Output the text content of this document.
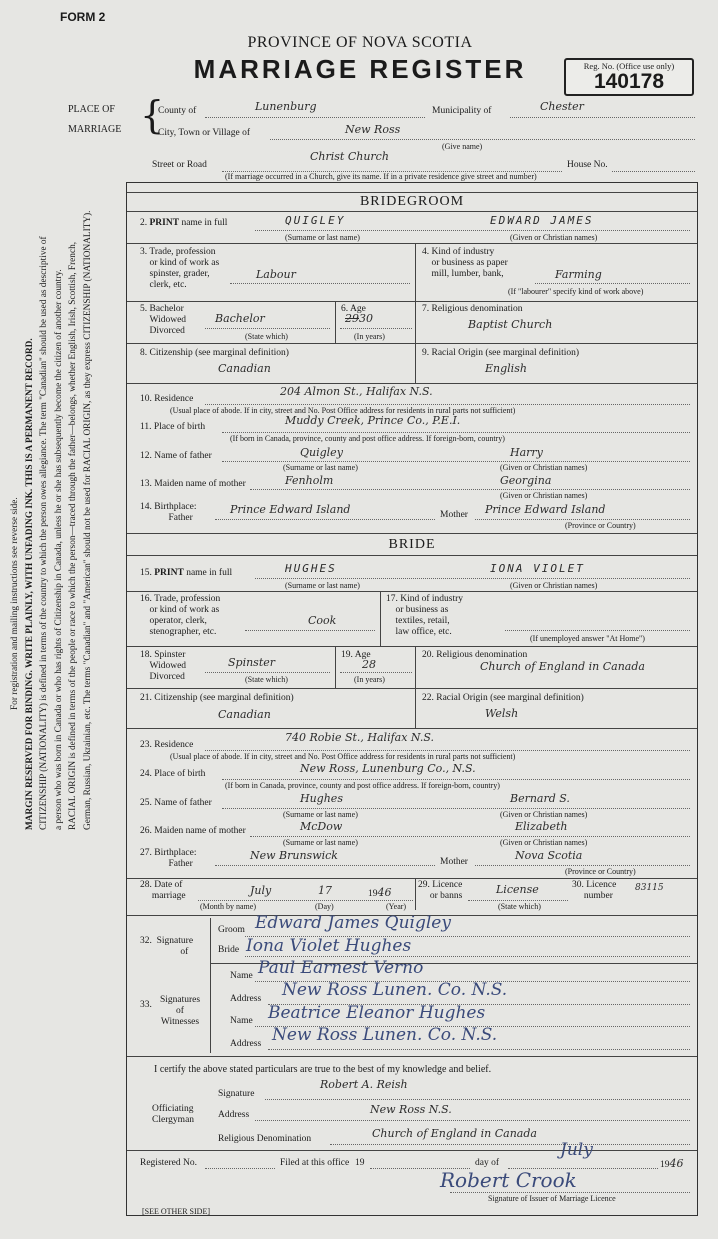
FORM 2
PROVINCE OF NOVA SCOTIA
MARRIAGE REGISTER	Reg. No. (Office use only)
140178
PLACE OF
MARRIAGE {
County of	Lunenburg	Municipality of	Chester
City, Town or Village of	New Ross
(Give name)
Street or Road
Christ Church
House No.
(If marriage occurred in a Church, give its name. If in a private residence give street and number)
For registration and mailing instructions see reverse side. MARGIN RESERVED FOR BINDING. WRITE PLAINLY, WITH UNFADING INK. THIS IS A PERMANENT RECORD. CITIZENSHIP (NATIONALITY) is defined in terms of the country to which the person owes allegiance. The term "Canadian" should be used as descriptive of a person who was born in Canada or who has rights of Citizenship in Canada, unless he or she has subsequently become the citizen of another country. RACIAL ORIGIN is defined in terms of the people or race to which the person—traced through the father—belongs, whether English, Irish, Scottish, French, German, Russian, Ukrainian, etc. The terms "Canadian" and "American" should not be used for RACIAL ORIGIN, as they express CITIZENSHIP (NATIONALITY).
BRIDEGROOM
2. PRINT name in full	QUIGLEY	EDWARD JAMES
(Surname or last name)	(Given or Christian names)
3. Trade, profession
or kind of work as
spinster, grader,
clerk, etc.
Labour
4. Kind of industry
or business as paper
mill, lumber, bank,	Farming
(If "labourer" specify kind of work above)
5. Bachelor
Widowed
Divorced
Bachelor
(State which)
6. Age
2930
(In years)
7. Religious denomination
Baptist Church
8. Citizenship (see marginal definition)
Canadian
9. Racial Origin (see marginal definition)
English
10. Residence
204 Almon St., Halifax N.S.
(Usual place of abode. If in city, street and No. Post Office address for residents in rural parts not sufficient)
11. Place of birth	Muddy Creek, Prince Co., P.E.I.
(If born in Canada, province, county and post office address. If foreign-born, country)
12. Name of father	Quigley	Harry
(Surname or last name)	(Given or Christian names)
13. Maiden name of mother	Fenholm	Georgina
(Given or Christian names)
14. Birthplace:
Father
Prince Edward Island	Mother Prince Edward Island
(Province or Country)
BRIDE
15. PRINT name in full	HUGHES	IONA VIOLET
(Surname or last name)	(Given or Christian names)
16. Trade, profession
or kind of work as
operator, clerk,
stenographer, etc.
Cook
17. Kind of industry
or business as
textiles, retail,
law office, etc.
(If unemployed answer "At Home")
18. Spinster
Widowed
Divorced
Spinster
(State which)
19. Age
28
(In years)
20. Religious denomination
Church of England in Canada
21. Citizenship (see marginal definition)
Canadian
22. Racial Origin (see marginal definition)
Welsh
23. Residence
740 Robie St., Halifax N.S.
(Usual place of abode. If in city, street and No. Post Office address for residents in rural parts not sufficient)
24. Place of birth	New Ross, Lunenburg Co., N.S.
(If born in Canada, province, county and post office address. If foreign-born, country)
25. Name of father	Hughes	Bernard S.
(Surname or last name)	(Given or Christian names)
26. Maiden name of mother	McDow	Elizabeth
(Surname or last name)	(Given or Christian names)
27. Birthplace:
Father
New Brunswick	Mother	Nova Scotia
(Province or Country)
28. Date of
marriage	July	17	1946
(Month by name)	(Day)	(Year)
29. Licence
or banns	License
(State which)
30. Licence
number
83115
32. Signature
of
Groom Edward James Quigley
Bride Iona Violet Hughes
33. Signatures
of
Witnesses
Name Paul Earnest Verno
Address New Ross Lunen. Co. N.S.
Name Beatrice Eleanor Hughes
Address New Ross Lunen. Co. N.S.
I certify the above stated particulars are true to the best of my knowledge and belief.
Signature
Robert A. Reish
Officiating
Clergyman	Address	New Ross N.S.
Religious Denomination	Church of England in Canada
Registered No.	Filed at this office 19	day of
July
1946
Robert Crook
Signature of Issuer of Marriage Licence
[SEE OTHER SIDE]
